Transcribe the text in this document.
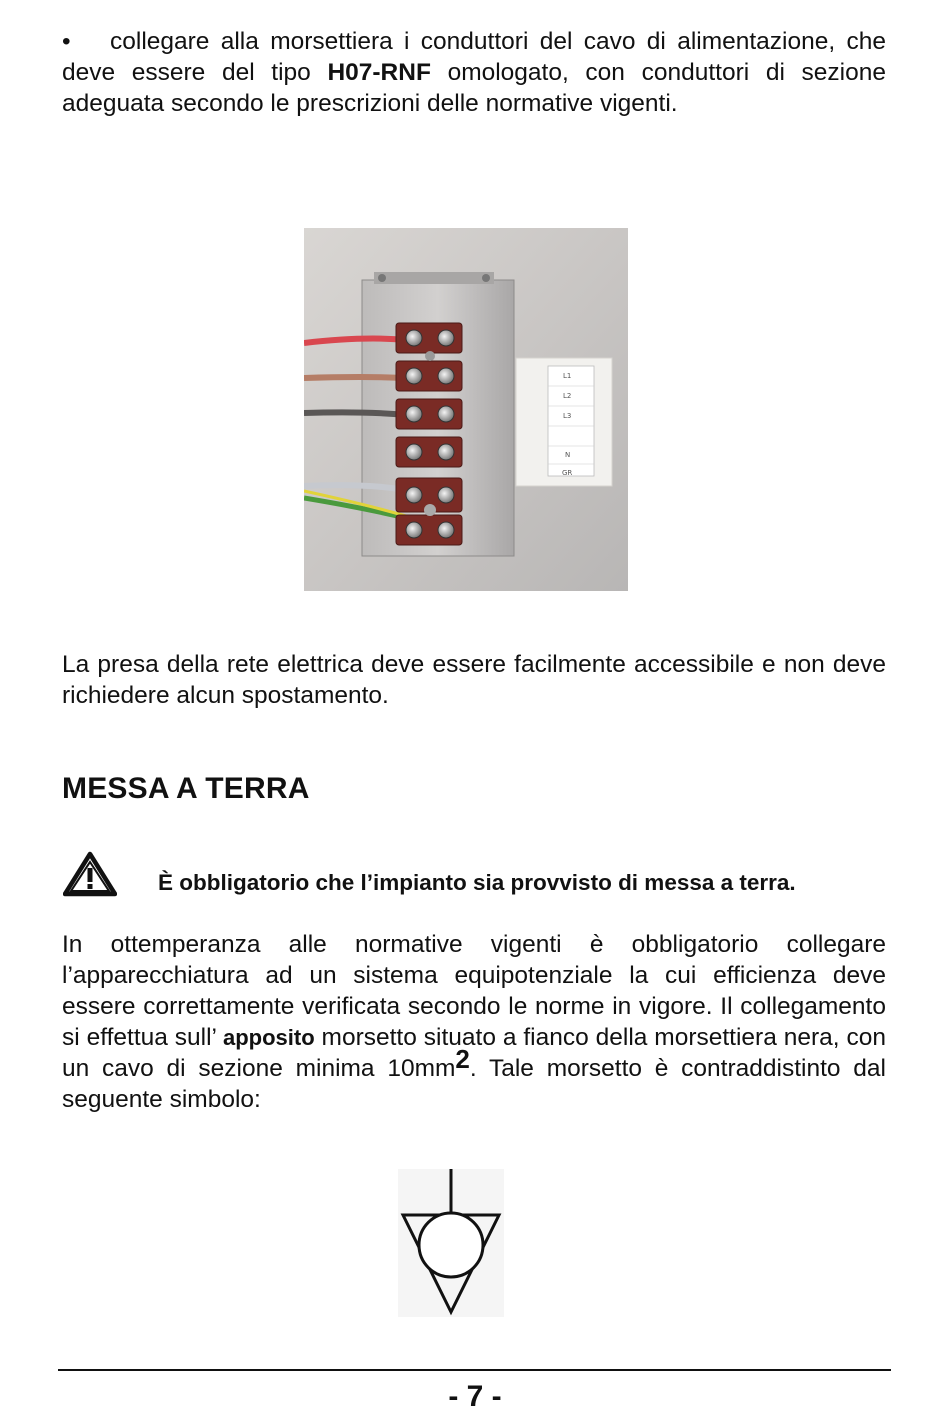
• collegare alla morsettiera i conduttori del cavo di alimentazione, che deve essere del tipo H07-RNF omologato, con conduttori di sezione adeguata secondo le prescrizioni delle normative vigenti.

L1
L2
L3
N
GR

La presa della rete elettrica deve essere facilmente accessibile e non deve richiedere alcun spostamento.

MESSA A TERRA
È obbligatorio che l’impianto sia provvisto di messa a terra.

In ottemperanza alle normative vigenti è obbligatorio collegare l’apparecchiatura ad un sistema equipotenziale la cui efficienza deve essere correttamente verificata secondo le norme in vigore. Il collegamento si effettua sull’ apposito morsetto situato a fianco della morsettiera nera, con un cavo di sezione minima $10mm^2$. Tale morsetto è contraddistinto dal seguente simbolo:

- 7 -
